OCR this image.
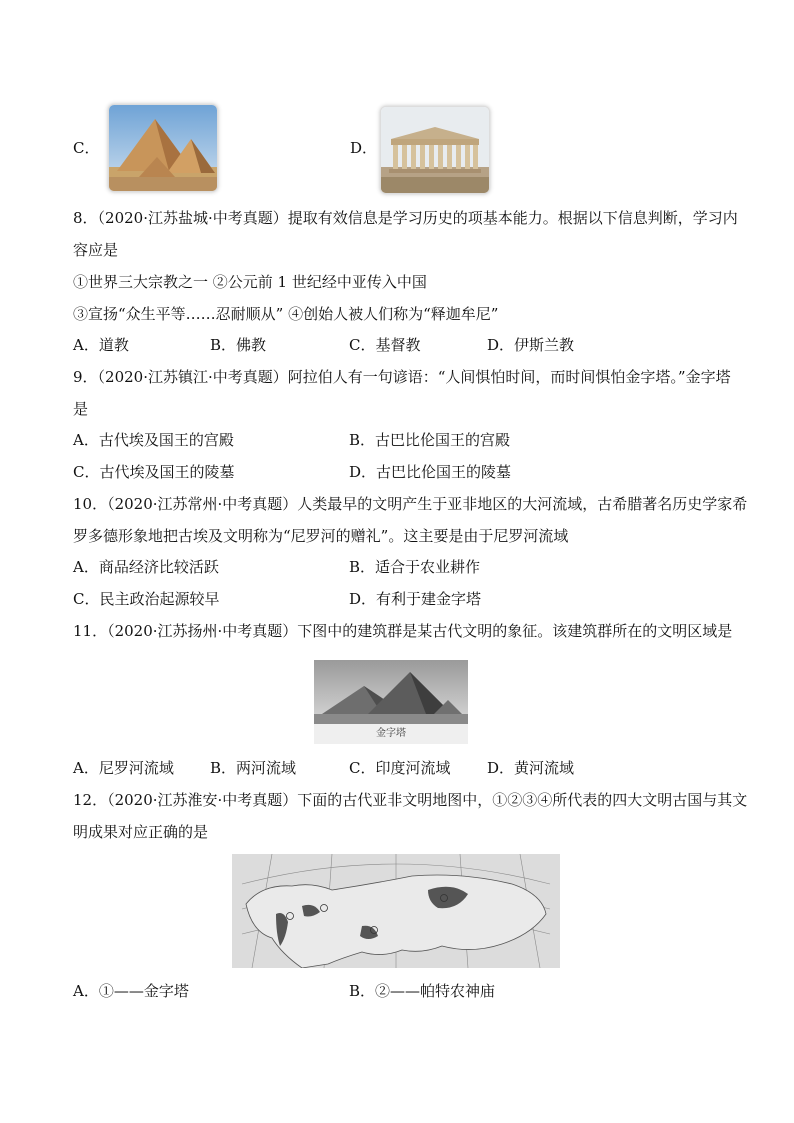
C．	D．
8．（2020·江苏盐城·中考真题）提取有效信息是学习历史的项基本能力。根据以下信息判断，学习内
容应是
①世界三大宗教之一 ②公元前 1 世纪经中亚传入中国
③宣扬“众生平等……忍耐顺从” ④创始人被人们称为“释迦牟尼”
A．道教	B．佛教	C．基督教	D．伊斯兰教
9．（2020·江苏镇江·中考真题）阿拉伯人有一句谚语：“人间惧怕时间，而时间惧怕金字塔。”金字塔
是
A．古代埃及国王的宫殿	B．古巴比伦国王的宫殿
C．古代埃及国王的陵墓	D．古巴比伦国王的陵墓
10．（2020·江苏常州·中考真题）人类最早的文明产生于亚非地区的大河流域，古希腊著名历史学家希
罗多德形象地把古埃及文明称为“尼罗河的赠礼”。这主要是由于尼罗河流域
A．商品经济比较活跃	B．适合于农业耕作
C．民主政治起源较早	D．有利于建金字塔
11．（2020·江苏扬州·中考真题）下图中的建筑群是某古代文明的象征。该建筑群所在的文明区域是
金字塔
A．尼罗河流域 B．两河流域	C．印度河流域 D．黄河流域
12．（2020·江苏淮安·中考真题）下面的古代亚非文明地图中，①②③④所代表的四大文明古国与其文
明成果对应正确的是
A．①——金字塔	B．②——帕特农神庙
